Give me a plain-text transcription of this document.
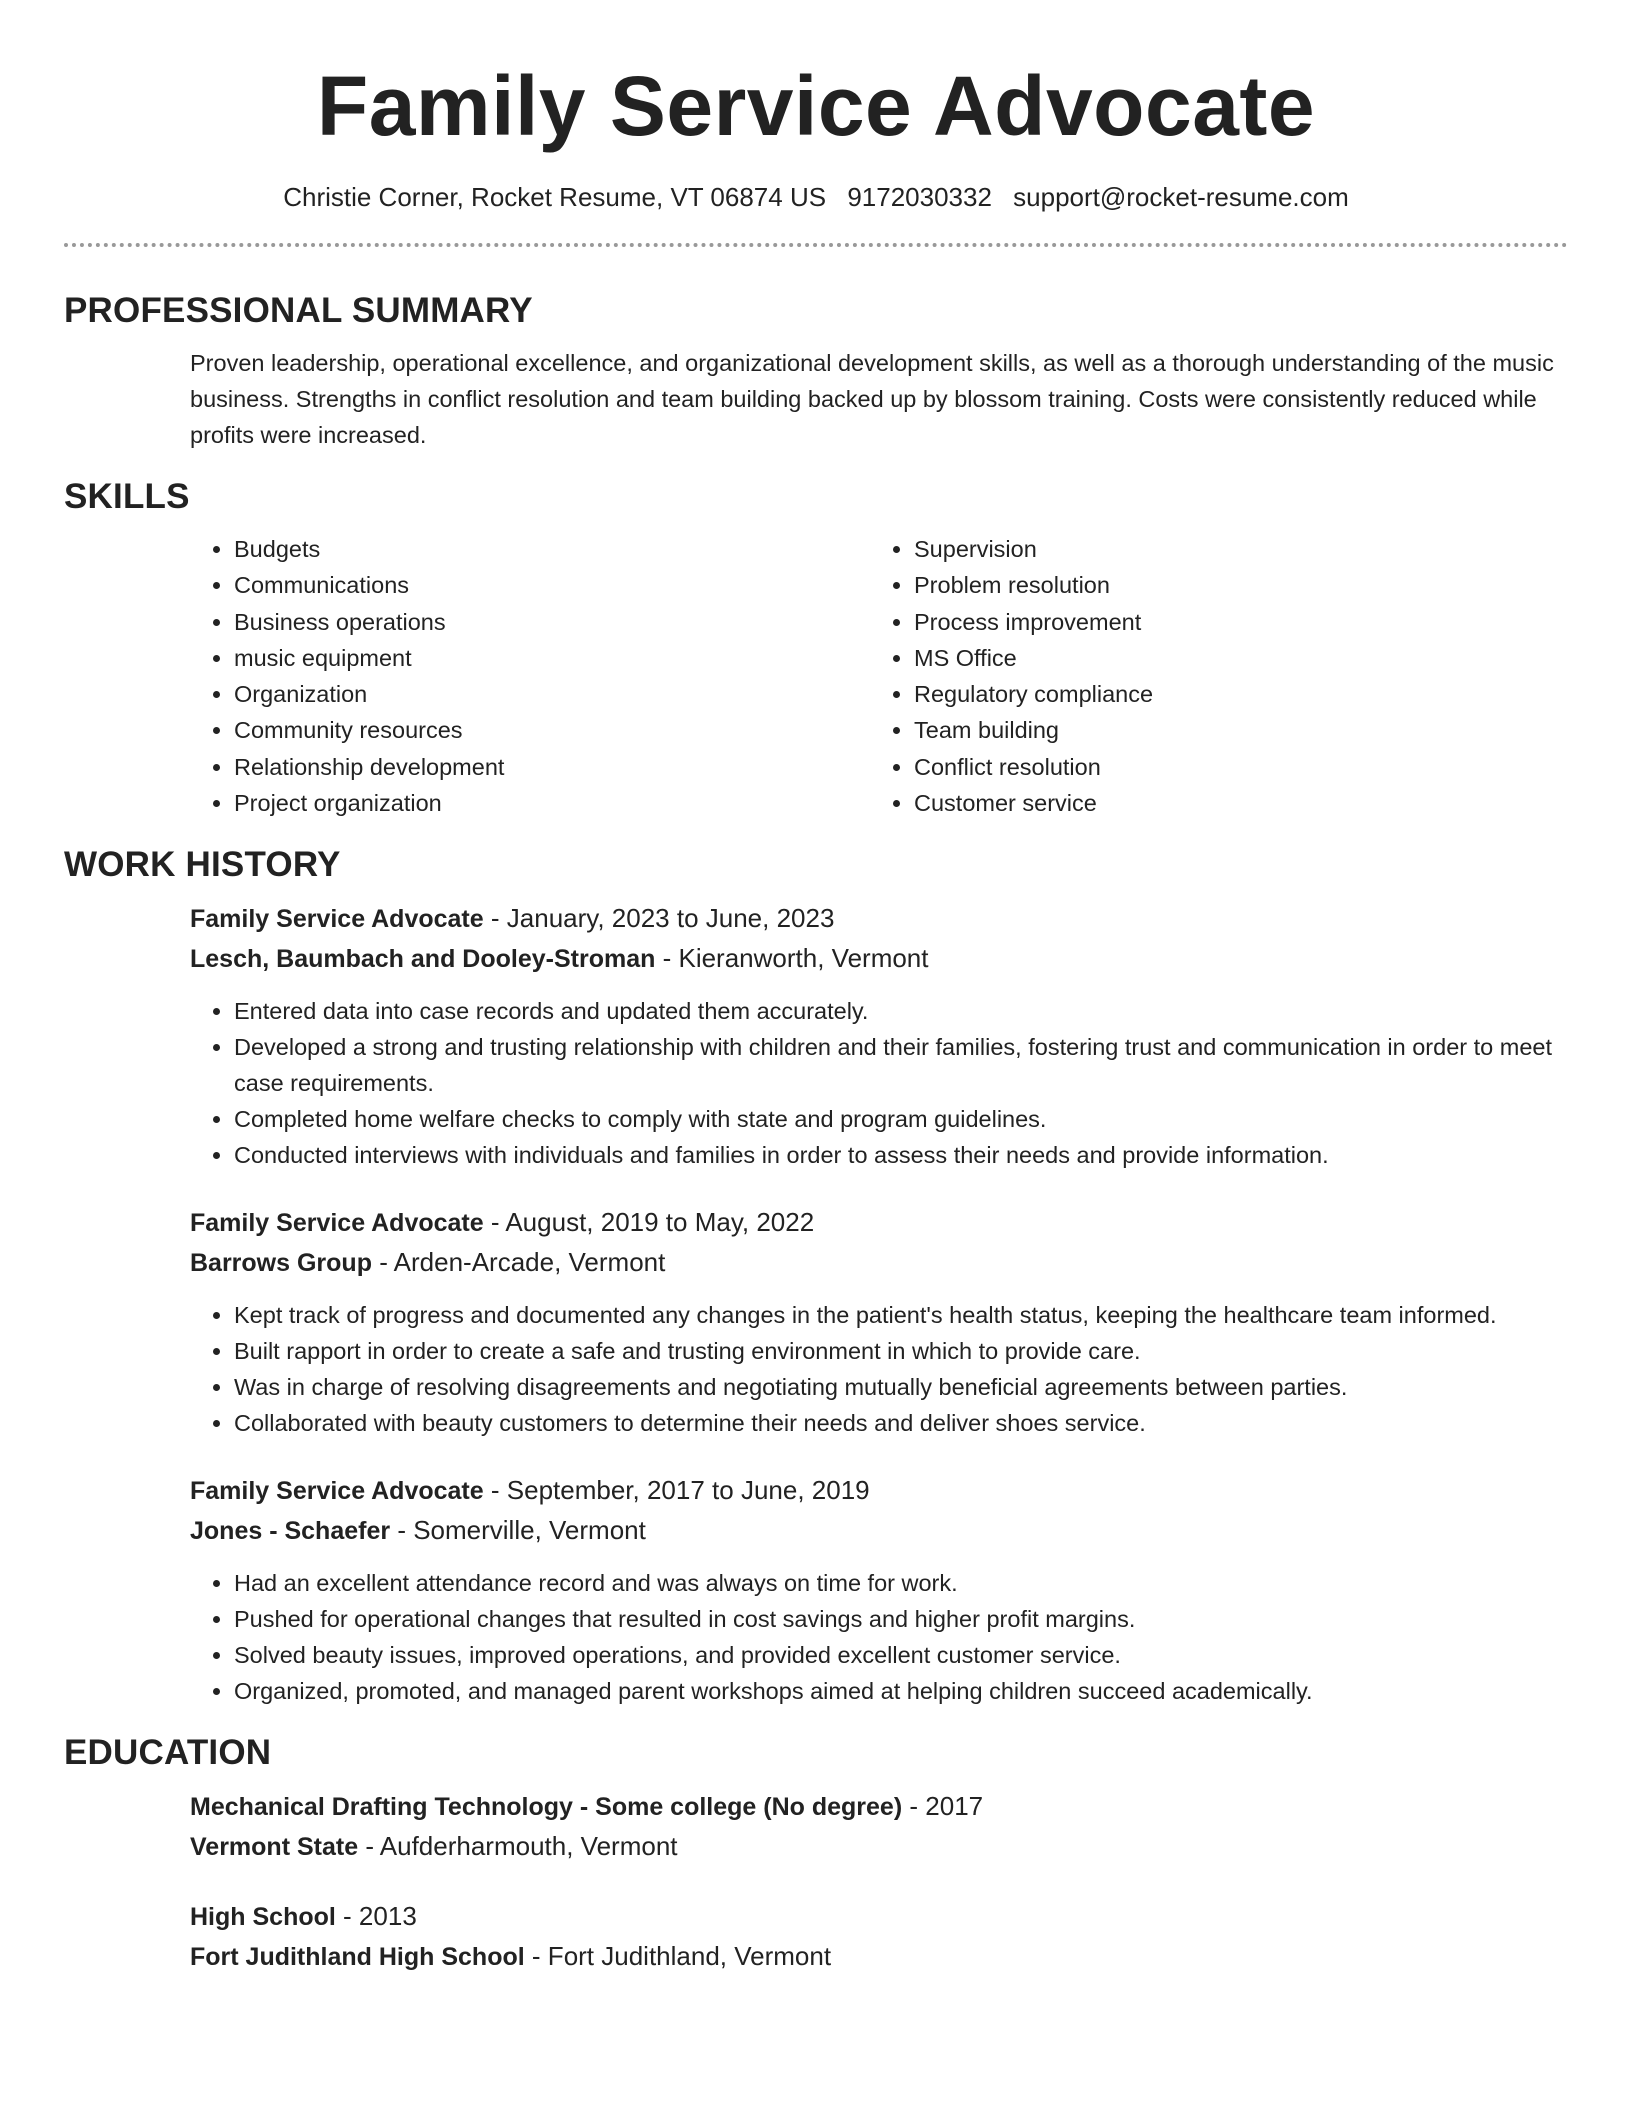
Family Service Advocate
Christie Corner, Rocket Resume, VT 06874 US 9172030332 support@rocket-resume.com
PROFESSIONAL SUMMARY

Proven leadership, operational excellence, and organizational development skills, as well as a thorough understanding of the music business. Strengths in conflict resolution and team building backed up by blossom training. Costs were consistently reduced while profits were increased.

SKILLS
• Budgets
• Communications
• Business operations
• music equipment
• Organization
• Community resources
• Relationship development
• Project organization
• Supervision
• Problem resolution
• Process improvement
• MS Office
• Regulatory compliance
• Team building
• Conflict resolution
• Customer service
WORK HISTORY
Family Service Advocate - January, 2023 to June, 2023
Lesch, Baumbach and Dooley-Stroman - Kieranworth, Vermont
• Entered data into case records and updated them accurately.
• Developed a strong and trusting relationship with children and their families, fostering trust and communication in order to meet case requirements.
• Completed home welfare checks to comply with state and program guidelines.
• Conducted interviews with individuals and families in order to assess their needs and provide information.
Family Service Advocate - August, 2019 to May, 2022
Barrows Group - Arden-Arcade, Vermont
• Kept track of progress and documented any changes in the patient's health status, keeping the healthcare team informed.
• Built rapport in order to create a safe and trusting environment in which to provide care.
• Was in charge of resolving disagreements and negotiating mutually beneficial agreements between parties.
• Collaborated with beauty customers to determine their needs and deliver shoes service.
Family Service Advocate - September, 2017 to June, 2019
Jones - Schaefer - Somerville, Vermont
• Had an excellent attendance record and was always on time for work.
• Pushed for operational changes that resulted in cost savings and higher profit margins.
• Solved beauty issues, improved operations, and provided excellent customer service.
• Organized, promoted, and managed parent workshops aimed at helping children succeed academically.
EDUCATION
Mechanical Drafting Technology - Some college (No degree) - 2017
Vermont State - Aufderharmouth, Vermont
High School - 2013
Fort Judithland High School - Fort Judithland, Vermont
